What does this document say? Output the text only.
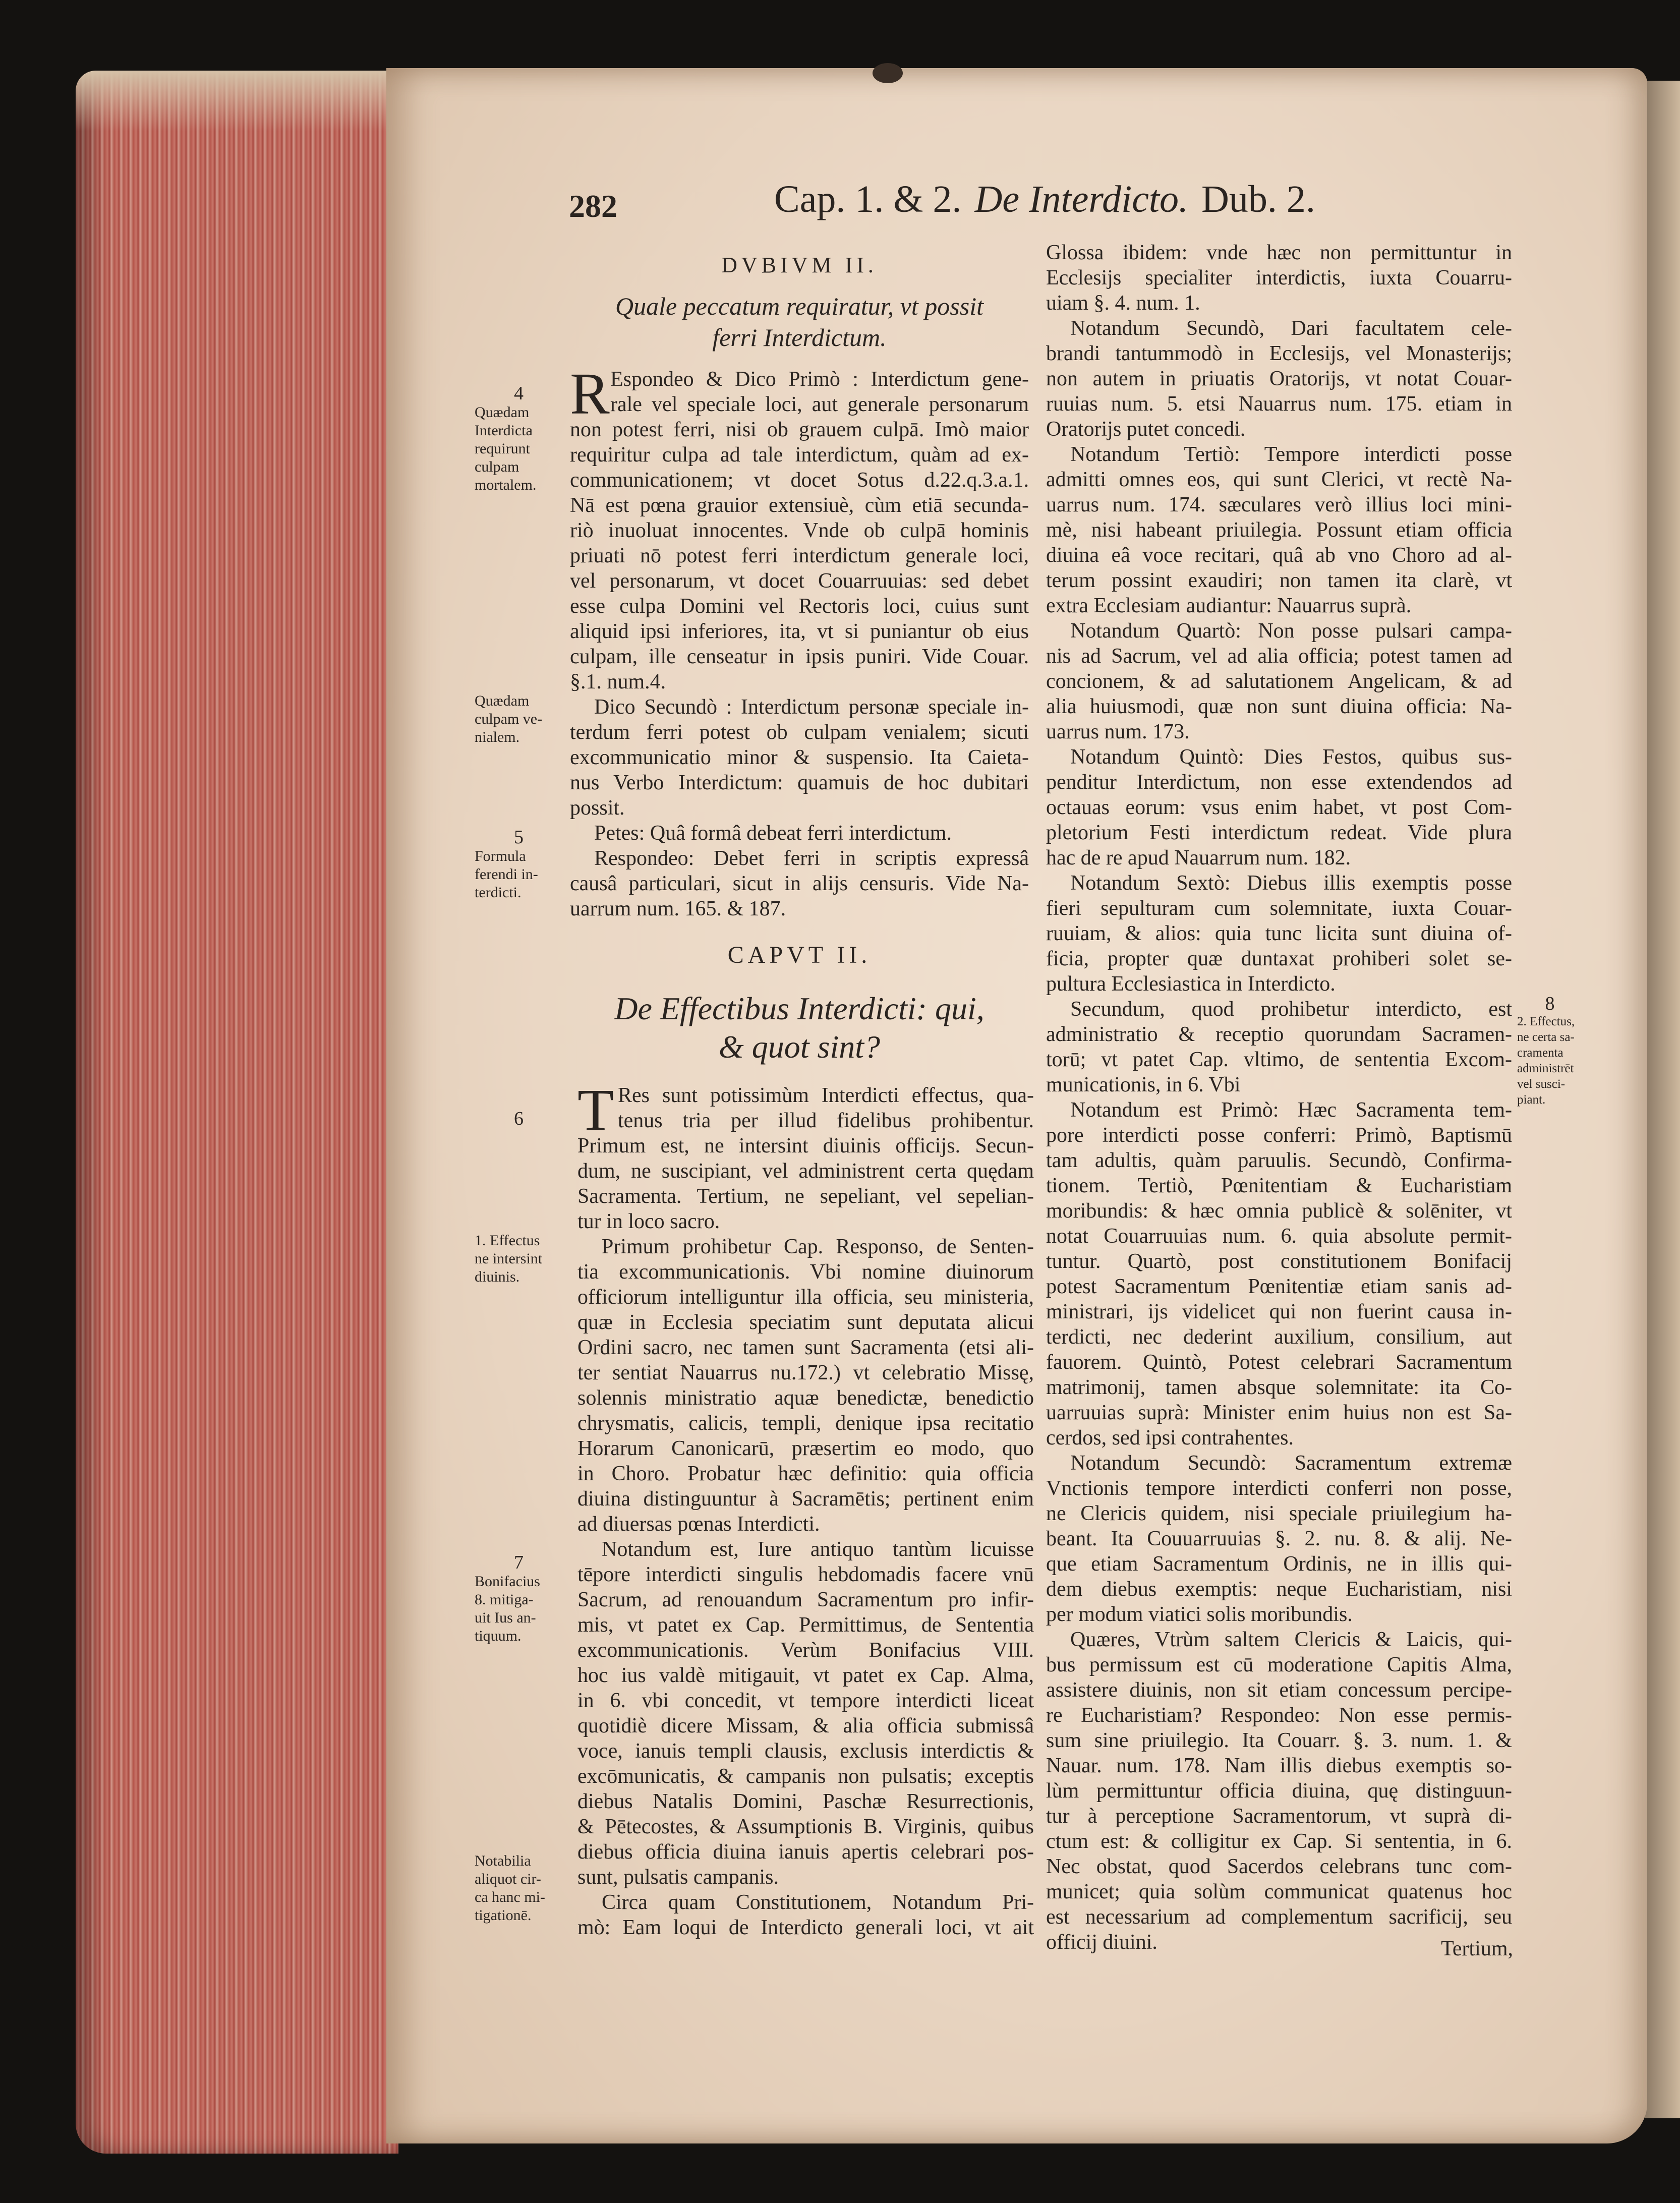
282	Cap. 1. & 2. De Interdicto. Dub. 2.
DVBIVM II.
Quale peccatum requiratur, vt possit
ferri Interdictum.
R Espondeo & Dico Primò : Interdictum gene-
rale vel speciale loci, aut generale personarum
non potest ferri, nisi ob grauem culpā. Imò maior
requiritur culpa ad tale interdictum, quàm ad ex-
communicationem; vt docet Sotus d.22.q.3.a.1.
Nā est pœna grauior extensiuè, cùm etiā secunda-
riò inuoluat innocentes. Vnde ob culpā hominis
priuati nō potest ferri interdictum generale loci,
vel personarum, vt docet Couarruuias: sed debet
esse culpa Domini vel Rectoris loci, cuius sunt
aliquid ipsi inferiores, ita, vt si puniantur ob eius
culpam, ille censeatur in ipsis puniri. Vide Couar.
§.1. num.4.
Dico Secundò : Interdictum personæ speciale in-
terdum ferri potest ob culpam venialem; sicuti
excommunicatio minor & suspensio. Ita Caieta-
nus Verbo Interdictum: quamuis de hoc dubitari
possit.
Petes: Quâ formâ debeat ferri interdictum.
Respondeo: Debet ferri in scriptis expressâ
causâ particulari, sicut in alijs censuris. Vide Na-
uarrum num. 165. & 187.
CAPVT II.
De Effectibus Interdicti: qui,
& quot sint?
T Res sunt potissimùm Interdicti effectus, qua-
tenus tria per illud fidelibus prohibentur.
Primum est, ne intersint diuinis officijs. Secun-
dum, ne suscipiant, vel administrent certa quędam
Sacramenta. Tertium, ne sepeliant, vel sepelian-
tur in loco sacro.
Primum prohibetur Cap. Responso, de Senten-
tia excommunicationis. Vbi nomine diuinorum
officiorum intelliguntur illa officia, seu ministeria,
quæ in Ecclesia speciatim sunt deputata alicui
Ordini sacro, nec tamen sunt Sacramenta (etsi ali-
ter sentiat Nauarrus nu.172.) vt celebratio Missę,
solennis ministratio aquæ benedictæ, benedictio
chrysmatis, calicis, templi, denique ipsa recitatio
Horarum Canonicarū, præsertim eo modo, quo
in Choro. Probatur hæc definitio: quia officia
diuina distinguuntur à Sacramētis; pertinent enim
ad diuersas pœnas Interdicti.
Notandum est, Iure antiquo tantùm licuisse
tēpore interdicti singulis hebdomadis facere vnū
Sacrum, ad renouandum Sacramentum pro infir-
mis, vt patet ex Cap. Permittimus, de Sententia
excommunicationis. Verùm Bonifacius VIII.
hoc ius valdè mitigauit, vt patet ex Cap. Alma,
in 6. vbi concedit, vt tempore interdicti liceat
quotidiè dicere Missam, & alia officia submissâ
voce, ianuis templi clausis, exclusis interdictis &
excōmunicatis, & campanis non pulsatis; exceptis
diebus Natalis Domini, Paschæ Resurrectionis,
& Pētecostes, & Assumptionis B. Virginis, quibus
diebus officia diuina ianuis apertis celebrari pos-
sunt, pulsatis campanis.
Circa quam Constitutionem, Notandum Pri-
mò: Eam loqui de Interdicto generali loci, vt ait
Glossa ibidem: vnde hæc non permittuntur in
Ecclesijs specialiter interdictis, iuxta Couarru-
uiam §. 4. num. 1.
Notandum Secundò, Dari facultatem cele-
brandi tantummodò in Ecclesijs, vel Monasterijs;
non autem in priuatis Oratorijs, vt notat Couar-
ruuias num. 5. etsi Nauarrus num. 175. etiam in
Oratorijs putet concedi.
Notandum Tertiò: Tempore interdicti posse
admitti omnes eos, qui sunt Clerici, vt rectè Na-
uarrus num. 174. sæculares verò illius loci mini-
mè, nisi habeant priuilegia. Possunt etiam officia
diuina eâ voce recitari, quâ ab vno Choro ad al-
terum possint exaudiri; non tamen ita clarè, vt
extra Ecclesiam audiantur: Nauarrus suprà.
Notandum Quartò: Non posse pulsari campa-
nis ad Sacrum, vel ad alia officia; potest tamen ad
concionem, & ad salutationem Angelicam, & ad
alia huiusmodi, quæ non sunt diuina officia: Na-
uarrus num. 173.
Notandum Quintò: Dies Festos, quibus sus-
penditur Interdictum, non esse extendendos ad
octauas eorum: vsus enim habet, vt post Com-
pletorium Festi interdictum redeat. Vide plura
hac de re apud Nauarrum num. 182.
Notandum Sextò: Diebus illis exemptis posse
fieri sepulturam cum solemnitate, iuxta Couar-
ruuiam, & alios: quia tunc licita sunt diuina of-
ficia, propter quæ duntaxat prohiberi solet se-
pultura Ecclesiastica in Interdicto.
Secundum, quod prohibetur interdicto, est
administratio & receptio quorundam Sacramen-
torū; vt patet Cap. vltimo, de sententia Excom-
municationis, in 6. Vbi
Notandum est Primò: Hæc Sacramenta tem-
pore interdicti posse conferri: Primò, Baptismū
tam adultis, quàm paruulis. Secundò, Confirma-
tionem. Tertiò, Pœnitentiam & Eucharistiam
moribundis: & hæc omnia publicè & solēniter, vt
notat Couarruuias num. 6. quia absolute permit-
tuntur. Quartò, post constitutionem Bonifacij
potest Sacramentum Pœnitentiæ etiam sanis ad-
ministrari, ijs videlicet qui non fuerint causa in-
terdicti, nec dederint auxilium, consilium, aut
fauorem. Quintò, Potest celebrari Sacramentum
matrimonij, tamen absque solemnitate: ita Co-
uarruuias suprà: Minister enim huius non est Sa-
cerdos, sed ipsi contrahentes.
Notandum Secundò: Sacramentum extremæ
Vnctionis tempore interdicti conferri non posse,
ne Clericis quidem, nisi speciale priuilegium ha-
beant. Ita Couuarruuias §. 2. nu. 8. & alij. Ne-
que etiam Sacramentum Ordinis, ne in illis qui-
dem diebus exemptis: neque Eucharistiam, nisi
per modum viatici solis moribundis.
Quæres, Vtrùm saltem Clericis & Laicis, qui-
bus permissum est cū moderatione Capitis Alma,
assistere diuinis, non sit etiam concessum percipe-
re Eucharistiam? Respondeo: Non esse permis-
sum sine priuilegio. Ita Couarr. §. 3. num. 1. &
Nauar. num. 178. Nam illis diebus exemptis so-
lùm permittuntur officia diuina, quę distinguun-
tur à perceptione Sacramentorum, vt suprà di-
ctum est: & colligitur ex Cap. Si sententia, in 6.
Nec obstat, quod Sacerdos celebrans tunc com-
municet; quia solùm communicat quatenus hoc
est necessarium ad complementum sacrificij, seu
officij diuini.	Tertium,
4
Quædam
Interdicta
requirunt
culpam
mortalem.
Quædam
culpam ve-
nialem.
5
Formula
ferendi in-
terdicti.
6
1. Effectus
ne intersint
diuinis.
7
Bonifacius
8. mitiga-
uit Ius an-
tiquum.
Notabilia
aliquot cir-
ca hanc mi-
tigationē.
8
2. Effectus,
ne certa sa-
cramenta
administrēt
vel susci-
piant.
